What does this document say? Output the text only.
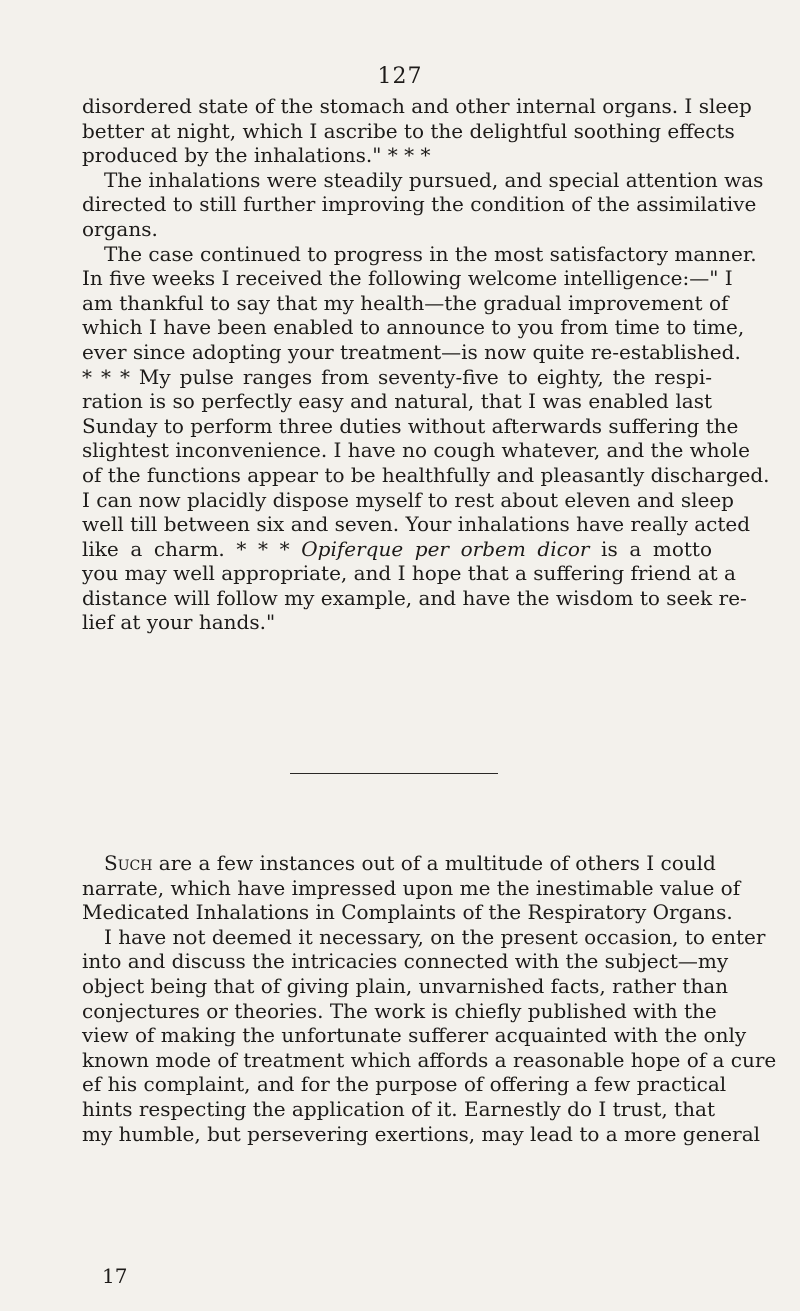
127
disordered state of the stomach and other internal organs. I sleep
better at night, which I ascribe to the delightful soothing effects
produced by the inhalations." * * *
The inhalations were steadily pursued, and special attention was
directed to still further improving the condition of the assimilative
organs.
The case continued to progress in the most satisfactory manner.
In five weeks I received the following welcome intelligence:—" I
am thankful to say that my health—the gradual improvement of
which I have been enabled to announce to you from time to time,
ever since adopting your treatment—is now quite re-established.
* * * My pulse ranges from seventy-five to eighty, the respi-
ration is so perfectly easy and natural, that I was enabled last
Sunday to perform three duties without afterwards suffering the
slightest inconvenience. I have no cough whatever, and the whole
of the functions appear to be healthfully and pleasantly discharged.
I can now placidly dispose myself to rest about eleven and sleep
well till between six and seven. Your inhalations have really acted
like a charm. * * * Opiferque per orbem dicor is a motto
you may well appropriate, and I hope that a suffering friend at a
distance will follow my example, and have the wisdom to seek re-
lief at your hands."
Such are a few instances out of a multitude of others I could
narrate, which have impressed upon me the inestimable value of
Medicated Inhalations in Complaints of the Respiratory Organs.
I have not deemed it necessary, on the present occasion, to enter
into and discuss the intricacies connected with the subject—my
object being that of giving plain, unvarnished facts, rather than
conjectures or theories. The work is chiefly published with the
view of making the unfortunate sufferer acquainted with the only
known mode of treatment which affords a reasonable hope of a cure
ef his complaint, and for the purpose of offering a few practical
hints respecting the application of it. Earnestly do I trust, that
my humble, but persevering exertions, may lead to a more general
17
